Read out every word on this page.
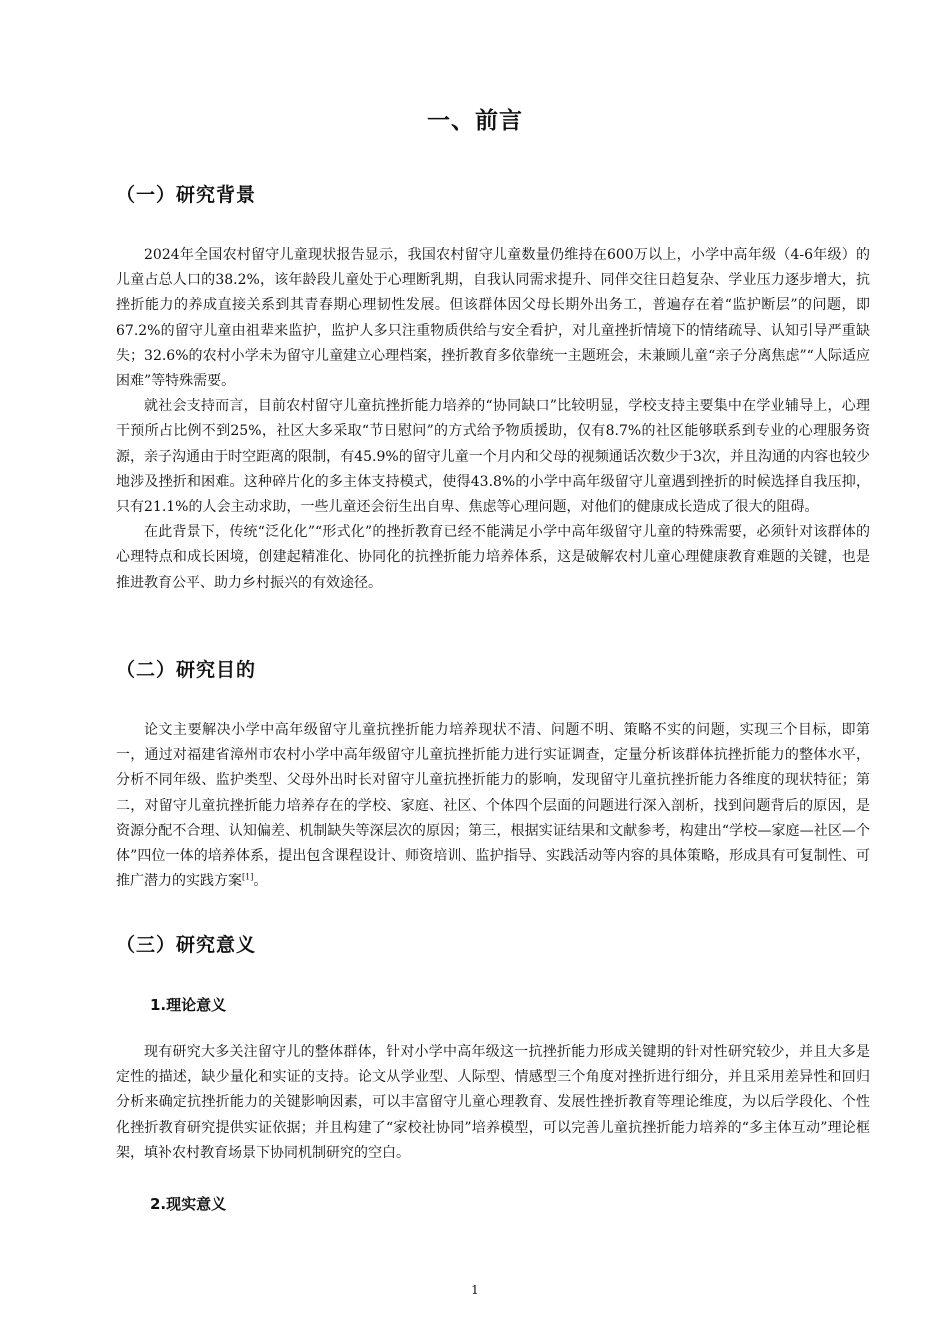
一、前言
（一）研究背景

2024年全国农村留守儿童现状报告显示，我国农村留守儿童数量仍维持在600万以上，小学中高年级（4-6年级）的儿童占总人口的38.2%，该年龄段儿童处于心理断乳期，自我认同需求提升、同伴交往日趋复杂、学业压力逐步增大，抗挫折能力的养成直接关系到其青春期心理韧性发展。但该群体因父母长期外出务工，普遍存在着“监护断层”的问题，即67.2%的留守儿童由祖辈来监护，监护人多只注重物质供给与安全看护，对儿童挫折情境下的情绪疏导、认知引导严重缺失；32.6%的农村小学未为留守儿童建立心理档案，挫折教育多依靠统一主题班会，未兼顾儿童“亲子分离焦虑”“人际适应困难”等特殊需要。

就社会支持而言，目前农村留守儿童抗挫折能力培养的“协同缺口”比较明显，学校支持主要集中在学业辅导上，心理干预所占比例不到25%，社区大多采取“节日慰问”的方式给予物质援助，仅有8.7%的社区能够联系到专业的心理服务资源，亲子沟通由于时空距离的限制，有45.9%的留守儿童一个月内和父母的视频通话次数少于3次，并且沟通的内容也较少地涉及挫折和困难。这种碎片化的多主体支持模式，使得43.8%的小学中高年级留守儿童遇到挫折的时候选择自我压抑，只有21.1%的人会主动求助，一些儿童还会衍生出自卑、焦虑等心理问题，对他们的健康成长造成了很大的阻碍。

在此背景下，传统“泛化化”“形式化”的挫折教育已经不能满足小学中高年级留守儿童的特殊需要，必须针对该群体的心理特点和成长困境，创建起精准化、协同化的抗挫折能力培养体系，这是破解农村儿童心理健康教育难题的关键，也是推进教育公平、助力乡村振兴的有效途径。

（二）研究目的

论文主要解决小学中高年级留守儿童抗挫折能力培养现状不清、问题不明、策略不实的问题，实现三个目标，即第一，通过对福建省漳州市农村小学中高年级留守儿童抗挫折能力进行实证调查，定量分析该群体抗挫折能力的整体水平，分析不同年级、监护类型、父母外出时长对留守儿童抗挫折能力的影响，发现留守儿童抗挫折能力各维度的现状特征；第二，对留守儿童抗挫折能力培养存在的学校、家庭、社区、个体四个层面的问题进行深入剖析，找到问题背后的原因，是资源分配不合理、认知偏差、机制缺失等深层次的原因；第三，根据实证结果和文献参考，构建出“学校—家庭—社区—个体”四位一体的培养体系，提出包含课程设计、师资培训、监护指导、实践活动等内容的具体策略，形成具有可复制性、可推广潜力的实践方案[1]。

（三）研究意义
1.理论意义

现有研究大多关注留守儿的整体群体，针对小学中高年级这一抗挫折能力形成关键期的针对性研究较少，并且大多是定性的描述，缺少量化和实证的支持。论文从学业型、人际型、情感型三个角度对挫折进行细分，并且采用差异性和回归分析来确定抗挫折能力的关键影响因素，可以丰富留守儿童心理教育、发展性挫折教育等理论维度，为以后学段化、个性化挫折教育研究提供实证依据；并且构建了“家校社协同”培养模型，可以完善儿童抗挫折能力培养的“多主体互动”理论框架，填补农村教育场景下协同机制研究的空白。

2.现实意义
1
